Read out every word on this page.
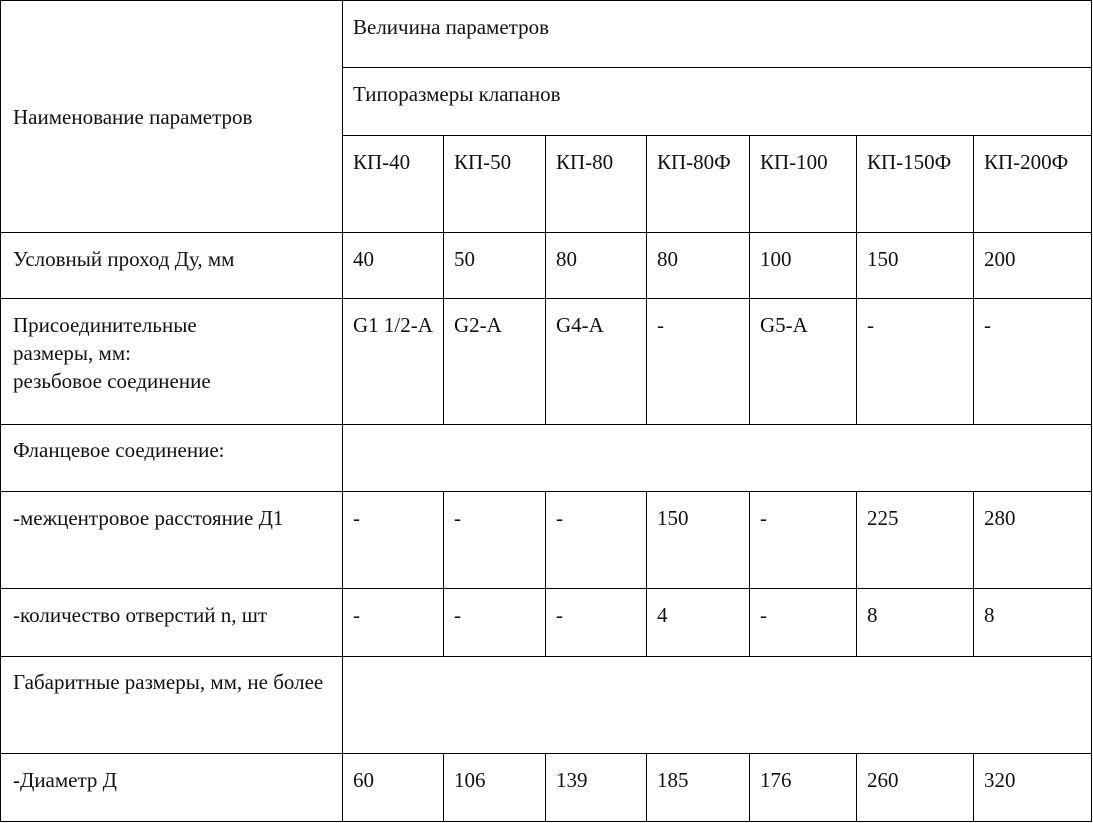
Наименование параметров	Величина параметров						
	Типоразмеры клапанов						
	КП-40	КП-50	КП-80	КП-80Ф	КП-100	КП-150Ф	КП-200Ф
Условный проход Ду, мм	40	50	80	80	100	150	200
Присоединительные
размеры, мм:
резьбовое соединение	G1 1/2-A	G2-A	G4-A	-	G5-A	-	-
Фланцевое соединение:							
-межцентровое расстояние Д1	-	-	-	150	-	225	280
-количество отверстий n, шт	-	-	-	4	-	8	8
Габаритные размеры, мм, не более							
-Диаметр Д	60	106	139	185	176	260	320
